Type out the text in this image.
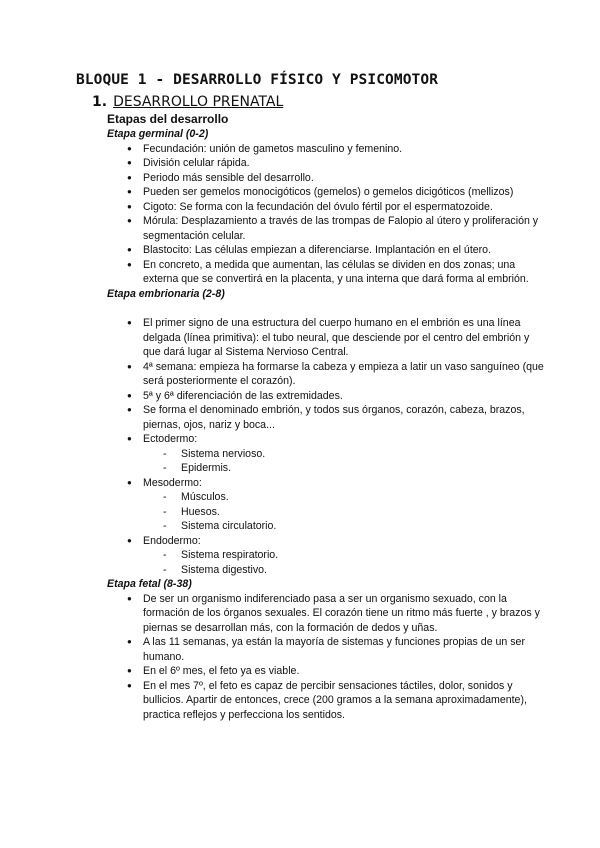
BLOQUE 1 - DESARROLLO FÍSICO Y PSICOMOTOR
1. DESARROLLO PRENATAL
Etapas del desarrollo
Etapa germinal (0-2)
● Fecundación: unión de gametos masculino y femenino.
● División celular rápida.
● Periodo más sensible del desarrollo.
● Pueden ser gemelos monocigóticos (gemelos) o gemelos dicigóticos (mellizos)
● Cigoto: Se forma con la fecundación del óvulo fértil por el espermatozoide.
● Mórula: Desplazamiento a través de las trompas de Falopio al útero y proliferación y segmentación celular.
● Blastocito: Las células empiezan a diferenciarse. Implantación en el útero.
● En concreto, a medida que aumentan, las células se dividen en dos zonas; una externa que se convertirá en la placenta, y una interna que dará forma al embrión.
Etapa embrionaria (2-8)
● El primer signo de una estructura del cuerpo humano en el embrión es una línea delgada (línea primitiva): el tubo neural, que desciende por el centro del embrión y que dará lugar al Sistema Nervioso Central.
● 4ª semana: empieza ha formarse la cabeza y empieza a latir un vaso sanguíneo (que será posteriormente el corazón).
● 5ª y 6ª diferenciación de las extremidades.
● Se forma el denominado embrión, y todos sus órganos, corazón, cabeza, brazos, piernas, ojos, nariz y boca...
● Ectodermo:
- Sistema nervioso.
- Epidermis.
● Mesodermo:
- Músculos.
- Huesos.
- Sistema circulatorio.
● Endodermo:
- Sistema respiratorio.
- Sistema digestivo.
Etapa fetal (8-38)
● De ser un organismo indiferenciado pasa a ser un organismo sexuado, con la formación de los órganos sexuales. El corazón tiene un ritmo más fuerte , y brazos y piernas se desarrollan más, con la formación de dedos y uñas.
● A las 11 semanas, ya están la mayoría de sistemas y funciones propias de un ser humano.
● En el 6º mes, el feto ya es viable.
● En el mes 7º, el feto es capaz de percibir sensaciones táctiles, dolor, sonidos y bullicios. Apartir de entonces, crece (200 gramos a la semana aproximadamente), practica reflejos y perfecciona los sentidos.
